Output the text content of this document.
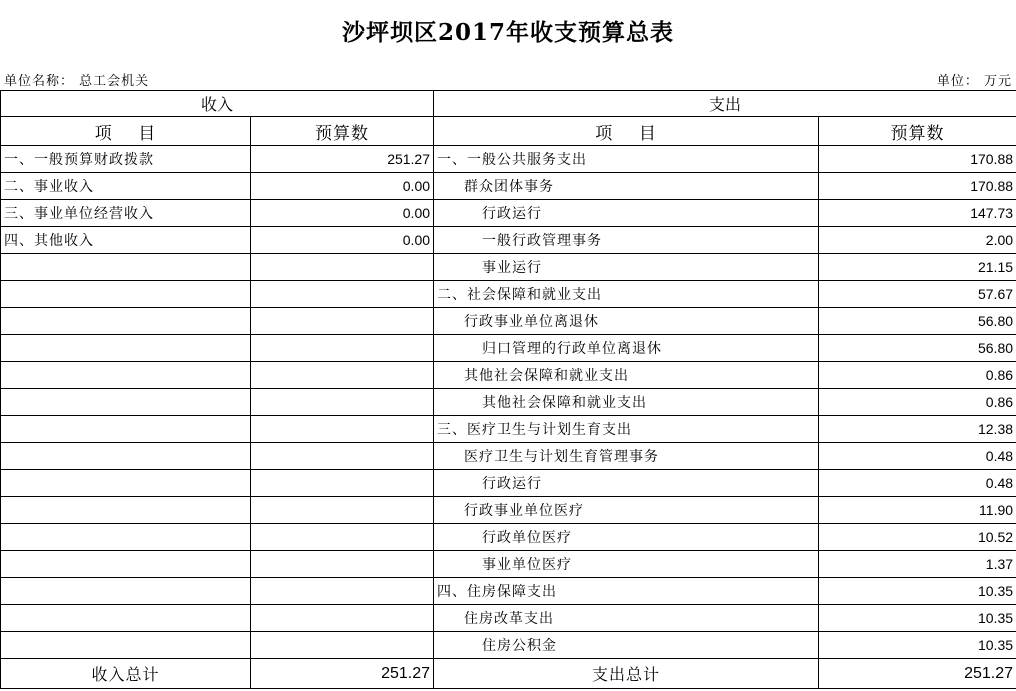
沙坪坝区2017年收支预算总表
单位名称： 总工会机关	单位： 万元
收入		支出	
项    目	预算数	项    目	预算数
一、一般预算财政拨款	251.27	一、一般公共服务支出	170.88
二、事业收入	0.00	群众团体事务	170.88
三、事业单位经营收入	0.00	行政运行	147.73
四、其他收入	0.00	一般行政管理事务	2.00
		事业运行	21.15
		二、社会保障和就业支出	57.67
		行政事业单位离退休	56.80
		归口管理的行政单位离退休	56.80
		其他社会保障和就业支出	0.86
		其他社会保障和就业支出	0.86
		三、医疗卫生与计划生育支出	12.38
		医疗卫生与计划生育管理事务	0.48
		行政运行	0.48
		行政事业单位医疗	11.90
		行政单位医疗	10.52
		事业单位医疗	1.37
		四、住房保障支出	10.35
		住房改革支出	10.35
		住房公积金	10.35
收入总计	251.27	支出总计	251.27
